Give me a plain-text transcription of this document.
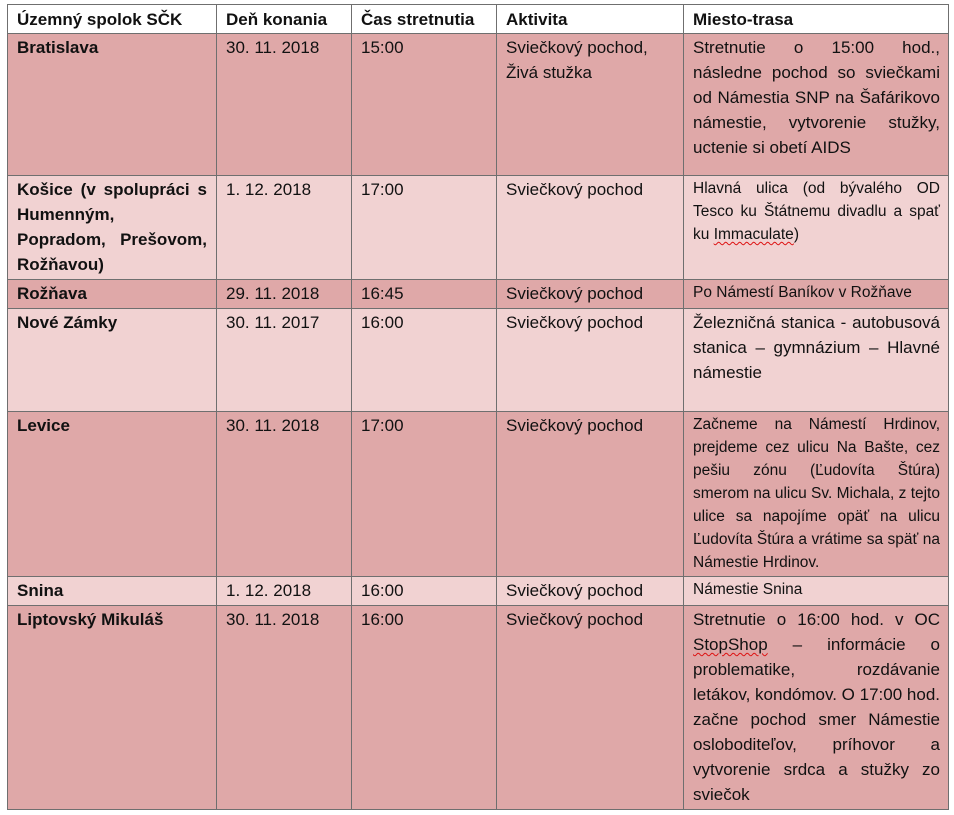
Územný spolok SČK	Deň konania	Čas stretnutia	Aktivita	Miesto-trasa
Bratislava	30. 11. 2018	15:00	Sviečkový pochod, Živá stužka	Stretnutie o 15:00 hod., následne pochod so sviečkami od Námestia SNP na Šafárikovo námestie, vytvorenie stužky, uctenie si obetí AIDS
Košice (v spolupráci s Humenným, Popradom, Prešovom, Rožňavou)	1. 12. 2018	17:00	Sviečkový pochod	Hlavná ulica (od bývalého OD Tesco ku Štátnemu divadlu a spať ku Immaculate)
Rožňava	29. 11. 2018	16:45	Sviečkový pochod	Po Námestí Baníkov v Rožňave
Nové Zámky	30. 11. 2017	16:00	Sviečkový pochod	Železničná stanica - autobusová stanica – gymnázium – Hlavné námestie
Levice	30. 11. 2018	17:00	Sviečkový pochod	Začneme na Námestí Hrdinov, prejdeme cez ulicu Na Bašte, cez pešiu zónu (Ľudovíta Štúra) smerom na ulicu Sv. Michala, z tejto ulice sa napojíme opäť na ulicu Ľudovíta Štúra a vrátime sa späť na Námestie Hrdinov.
Snina	1. 12. 2018	16:00	Sviečkový pochod	Námestie Snina
Liptovský Mikuláš	30. 11. 2018	16:00	Sviečkový pochod	Stretnutie o 16:00 hod. v OC StopShop – informácie o problematike, rozdávanie letákov, kondómov. O 17:00 hod. začne pochod smer Námestie osloboditeľov, príhovor a vytvorenie srdca a stužky zo sviečok
